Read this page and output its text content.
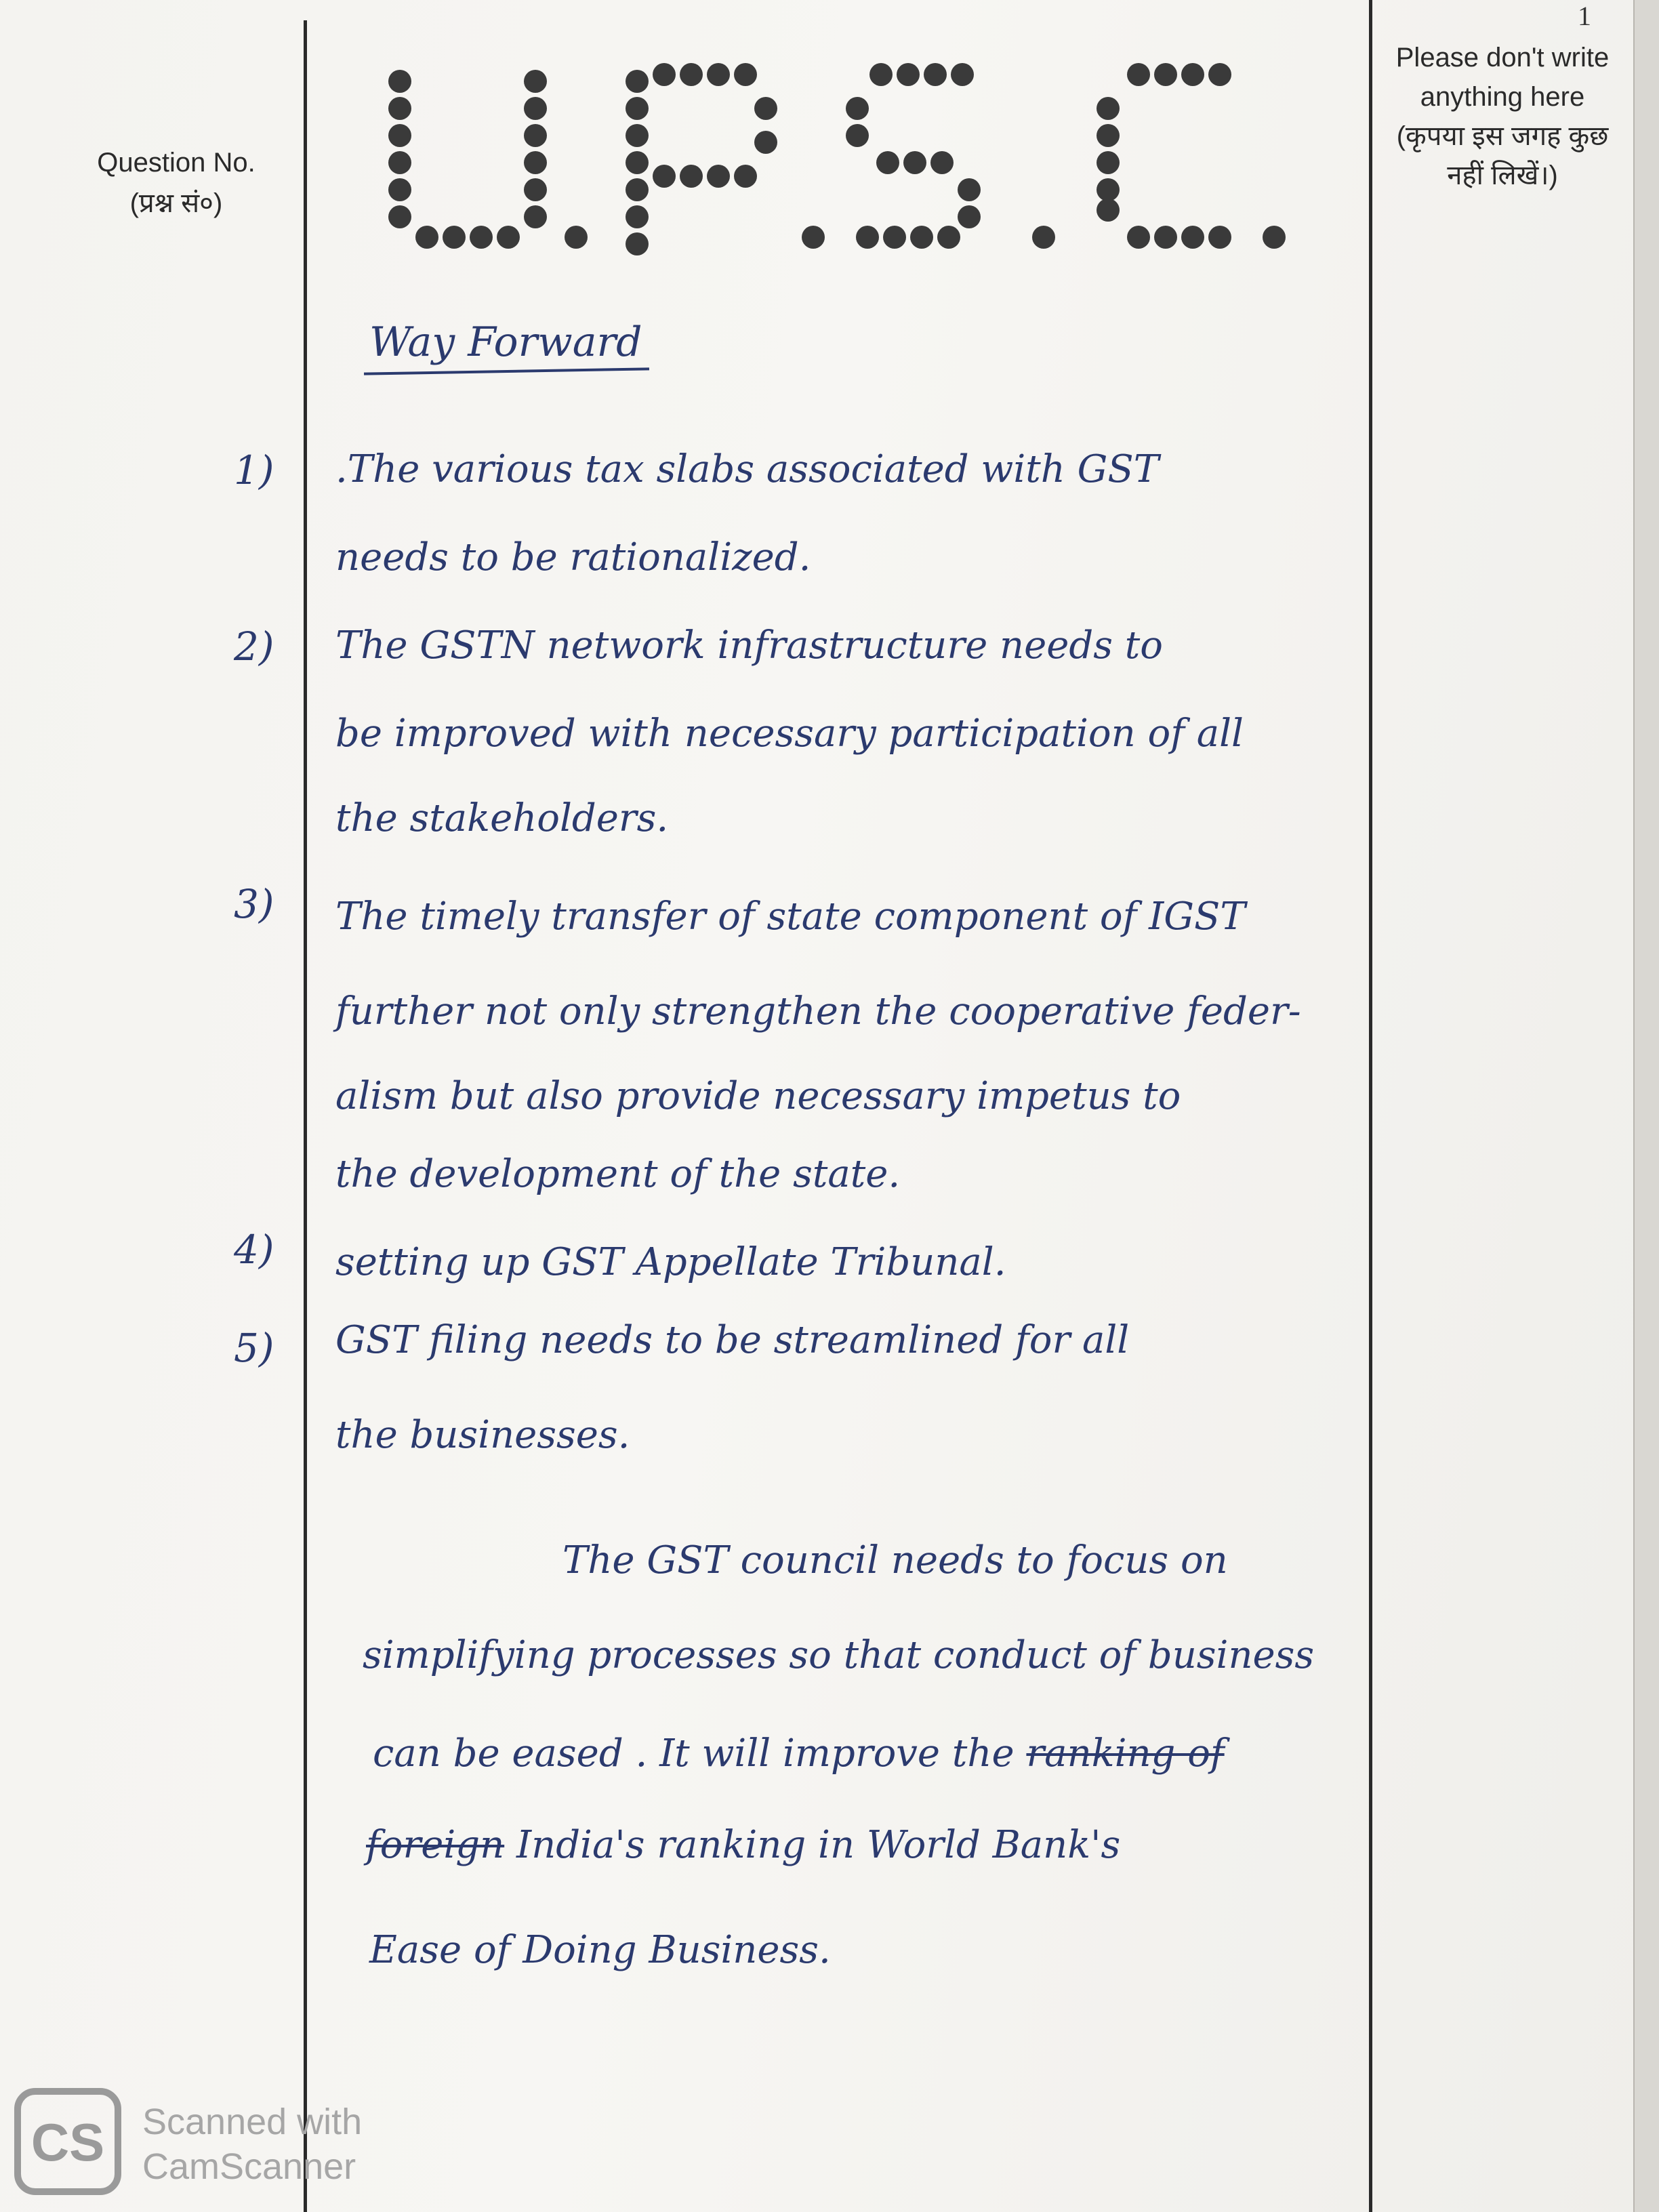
1
Question No.
(प्रश्न सं०)
Please don't write anything here
(कृपया इस जगह कुछ नहीं लिखें।)
Way Forward
1) .The various tax slabs associated with GST
needs to be rationalized.
2) The GSTN network infrastructure needs to
be improved with necessary participation of all
the stakeholders.
3) The timely transfer of state component of IGST
further not only strengthen the cooperative feder-
alism but also provide necessary impetus to
the development of the state.
4) setting up GST Appellate Tribunal.
5) GST filing needs to be streamlined for all
the businesses.
The GST council needs to focus on
simplifying processes so that conduct of business
can be eased . It will improve the ranking of
foreign India's ranking in World Bank's
Ease of Doing Business.
CS Scanned with
CamScanner
